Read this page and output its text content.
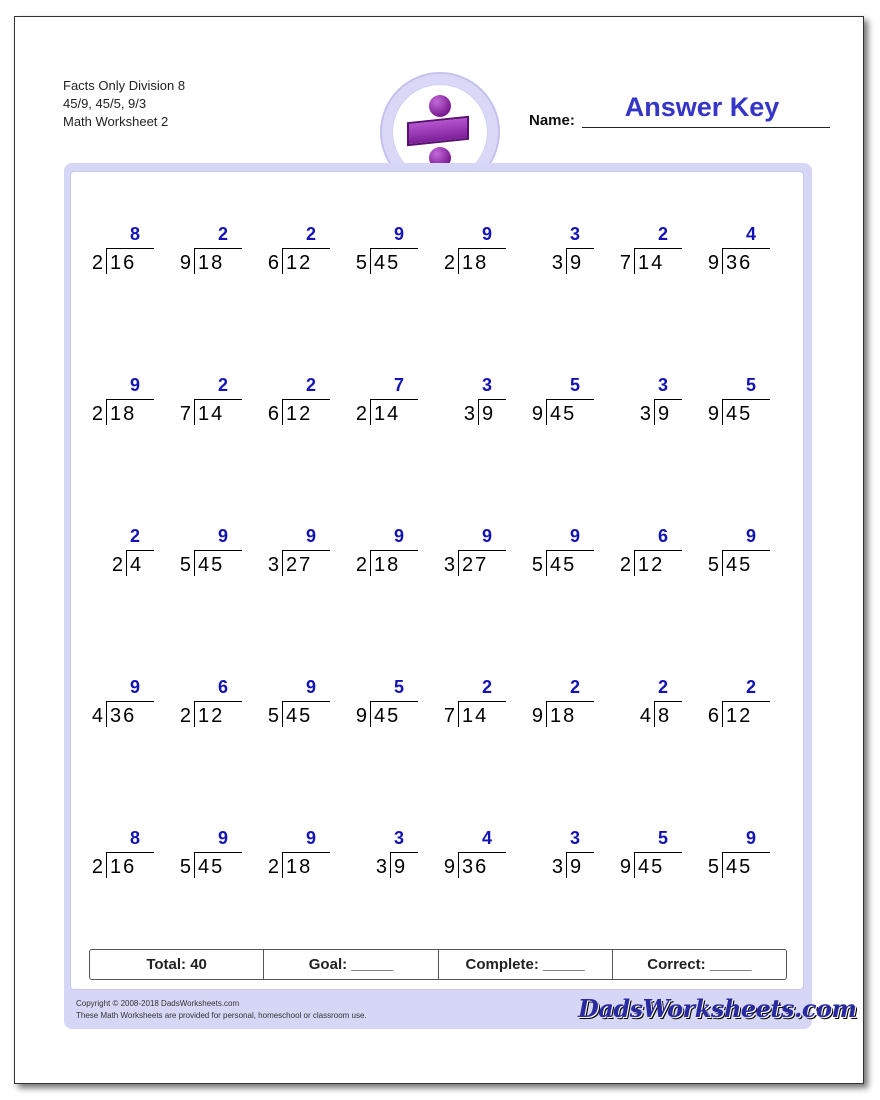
Facts Only Division 8
45/9, 45/5, 9/3
Math Worksheet 2	Name:	Answer Key
8
2 16
2
9 18
2
6 12
9
5 45
9
2 18
3
3 9
2
7 14
4
9 36
9
2 18
2
7 14
2
6 12
7
2 14
3
3 9
5
9 45
3
3 9
5
9 45
2
2 4
9
5 45
9
3 27
9
2 18
9
3 27
9
5 45
6
2 12
9
5 45
9
4 36
6
2 12
9
5 45
5
9 45
2
7 14
2
9 18
2
4 8
2
6 12
8
2 16
9
5 45
9
2 18
3
3 9
4
9 36
3
3 9
5
9 45
9
5 45
Total: 40	Goal: _____	Complete: _____	Correct: _____
Copyright © 2008-2018 DadsWorksheets.com
These Math Worksheets are provided for personal, homeschool or classroom use.	DadsWorksheets.com
